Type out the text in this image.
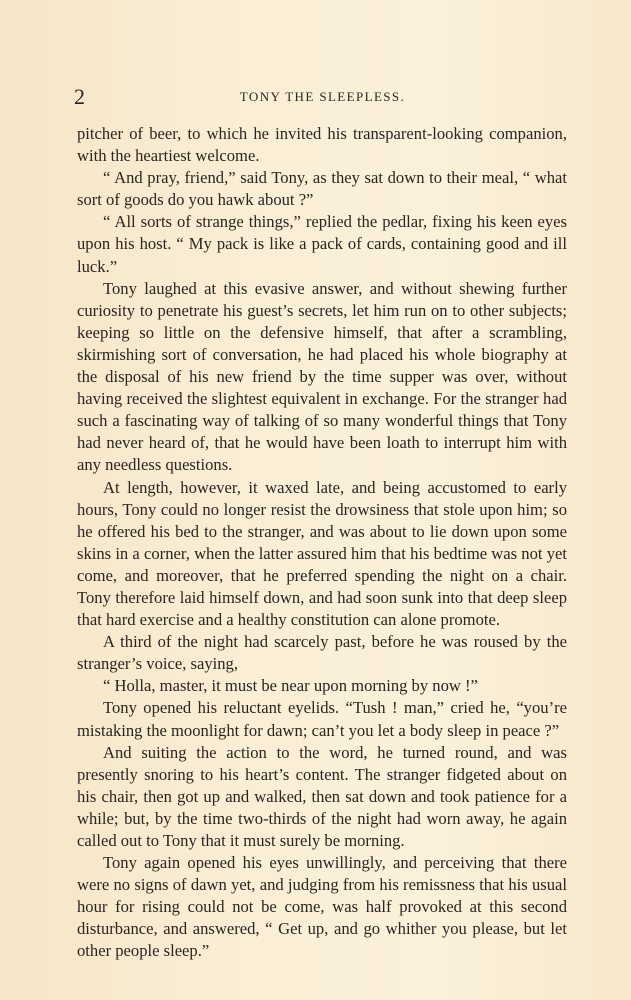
2	TONY THE SLEEPLESS.

pitcher of beer, to which he invited his transparent-looking companion, with the heartiest welcome.

“ And pray, friend,” said Tony, as they sat down to their meal, “ what sort of goods do you hawk about ?”

“ All sorts of strange things,” replied the pedlar, fixing his keen eyes upon his host. “ My pack is like a pack of cards, containing good and ill luck.”

Tony laughed at this evasive answer, and without shewing further curiosity to penetrate his guest’s secrets, let him run on to other subjects; keeping so little on the defensive himself, that after a scrambling, skirmishing sort of conversation, he had placed his whole biography at the disposal of his new friend by the time supper was over, without having received the slightest equivalent in exchange. For the stranger had such a fascinating way of talking of so many wonderful things that Tony had never heard of, that he would have been loath to interrupt him with any needless questions.

At length, however, it waxed late, and being accustomed to early hours, Tony could no longer resist the drowsiness that stole upon him; so he offered his bed to the stranger, and was about to lie down upon some skins in a corner, when the latter assured him that his bedtime was not yet come, and moreover, that he preferred spending the night on a chair. Tony therefore laid himself down, and had soon sunk into that deep sleep that hard exercise and a healthy constitution can alone promote.

A third of the night had scarcely past, before he was roused by the stranger’s voice, saying,

“ Holla, master, it must be near upon morning by now !”

Tony opened his reluctant eyelids. “Tush ! man,” cried he, “you’re mistaking the moonlight for dawn; can’t you let a body sleep in peace ?”

And suiting the action to the word, he turned round, and was presently snoring to his heart’s content. The stranger fidgeted about on his chair, then got up and walked, then sat down and took patience for a while; but, by the time two-thirds of the night had worn away, he again called out to Tony that it must surely be morning.

Tony again opened his eyes unwillingly, and perceiving that there were no signs of dawn yet, and judging from his remissness that his usual hour for rising could not be come, was half provoked at this second disturbance, and answered, “ Get up, and go whither you please, but let other people sleep.”
